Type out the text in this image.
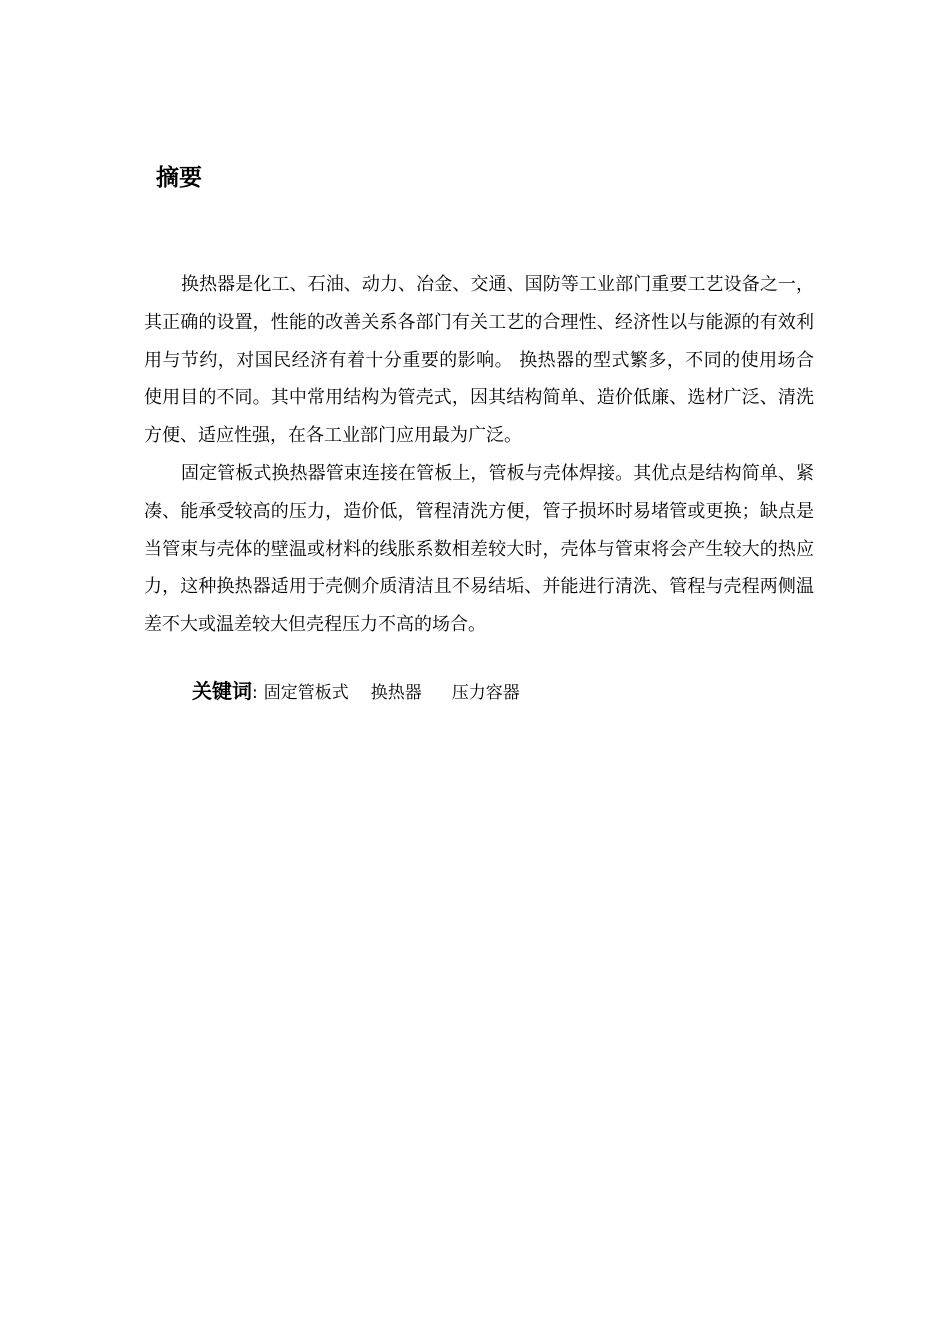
摘要

换热器是化工、石油、动力、冶金、交通、国防等工业部门重要工艺设备之一，其正确的设置，性能的改善关系各部门有关工艺的合理性、经济性以与能源的有效利用与节约，对国民经济有着十分重要的影响。 换热器的型式繁多，不同的使用场合使用目的不同。其中常用结构为管壳式，因其结构简单、造价低廉、选材广泛、清洗方便、适应性强，在各工业部门应用最为广泛。

固定管板式换热器管束连接在管板上，管板与壳体焊接。其优点是结构简单、紧凑、能承受较高的压力，造价低，管程清洗方便，管子损坏时易堵管或更换；缺点是当管束与壳体的壁温或材料的线胀系数相差较大时，壳体与管束将会产生较大的热应力，这种换热器适用于壳侧介质清洁且不易结垢、并能进行清洗、管程与壳程两侧温差不大或温差较大但壳程压力不高的场合。

关键词: 固定管板式 换热器 压力容器
